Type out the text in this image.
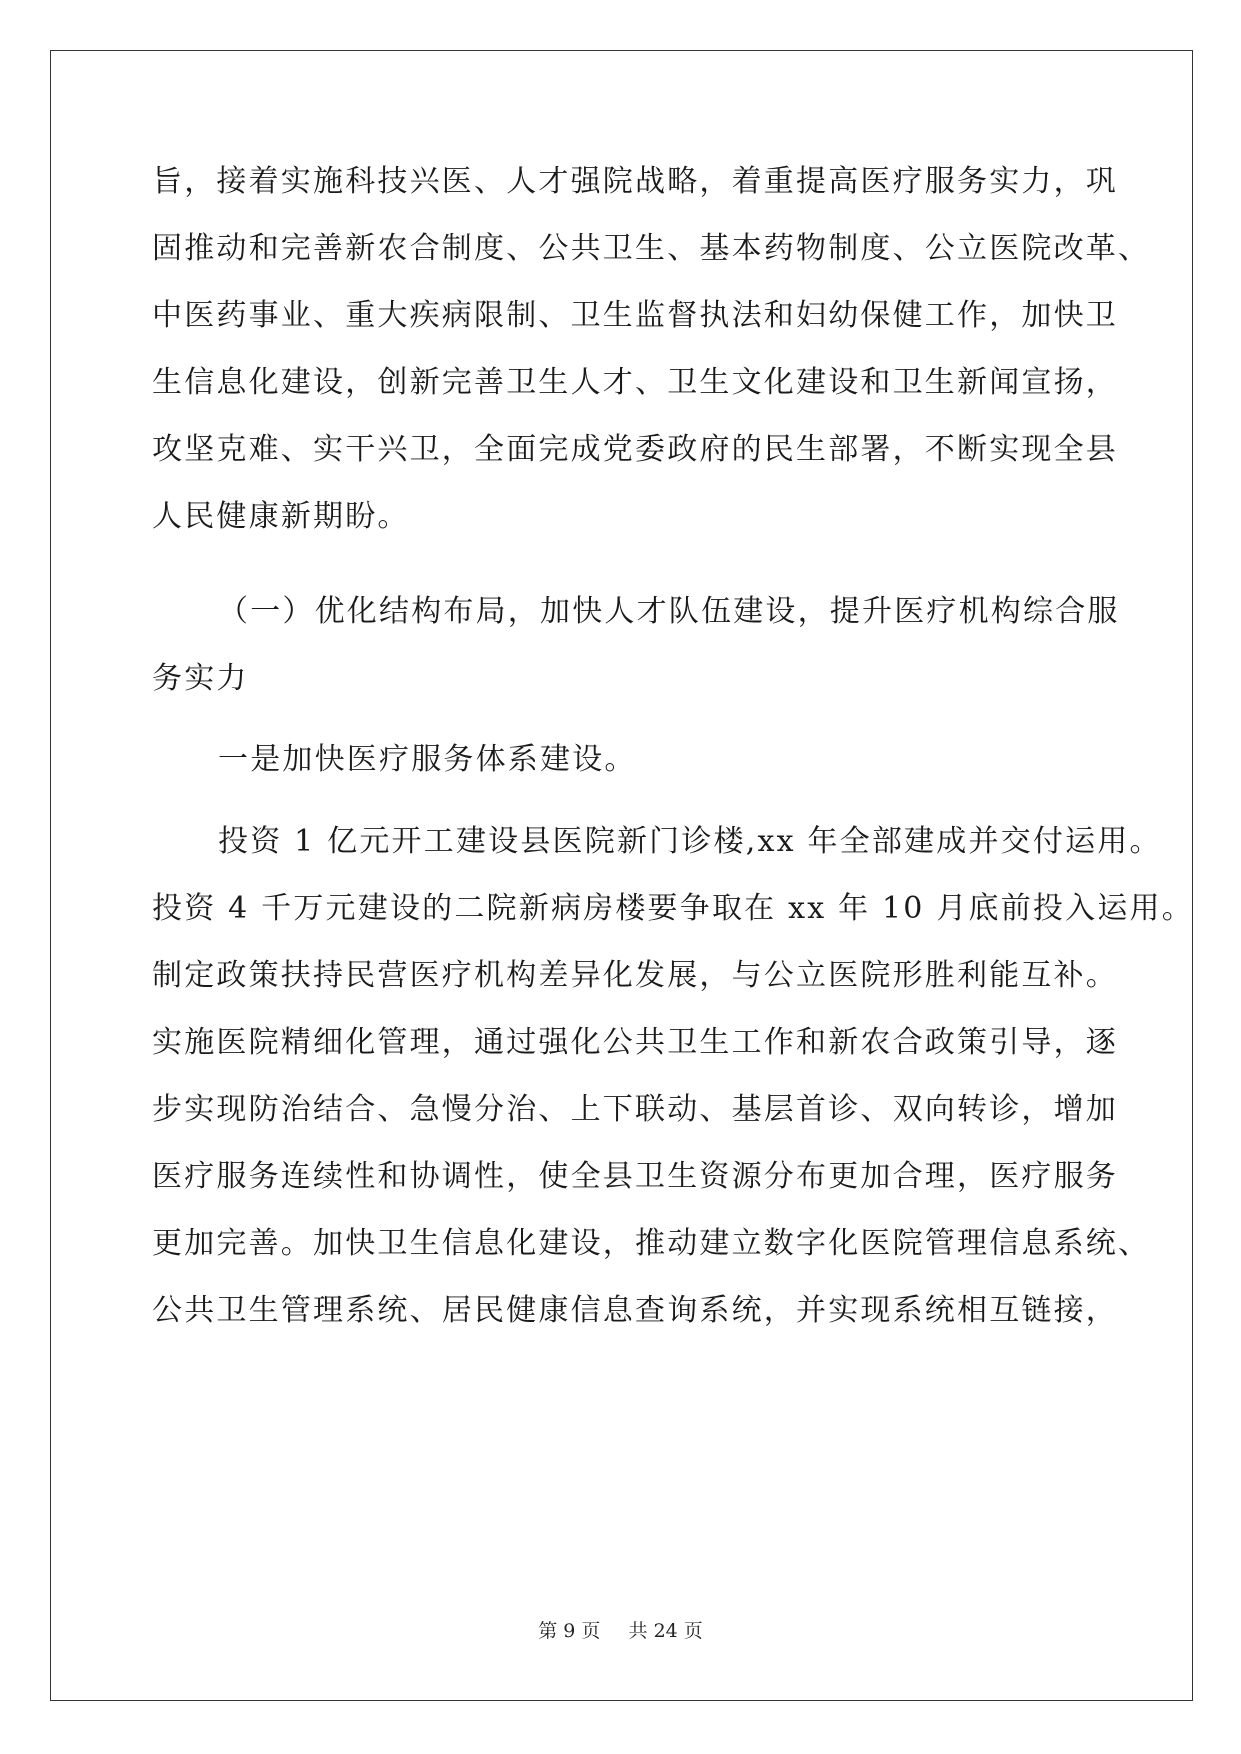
旨，接着实施科技兴医、人才强院战略，着重提高医疗服务实力，巩
固推动和完善新农合制度、公共卫生、基本药物制度、公立医院改革、
中医药事业、重大疾病限制、卫生监督执法和妇幼保健工作，加快卫
生信息化建设，创新完善卫生人才、卫生文化建设和卫生新闻宣扬，
攻坚克难、实干兴卫，全面完成党委政府的民生部署，不断实现全县
人民健康新期盼。
（一）优化结构布局，加快人才队伍建设，提升医疗机构综合服
务实力
一是加快医疗服务体系建设。
投资 1 亿元开工建设县医院新门诊楼,xx 年全部建成并交付运用。
投资 4 千万元建设的二院新病房楼要争取在 xx 年 10 月底前投入运用。
制定政策扶持民营医疗机构差异化发展，与公立医院形胜利能互补。
实施医院精细化管理，通过强化公共卫生工作和新农合政策引导，逐
步实现防治结合、急慢分治、上下联动、基层首诊、双向转诊，增加
医疗服务连续性和协调性，使全县卫生资源分布更加合理，医疗服务
更加完善。加快卫生信息化建设，推动建立数字化医院管理信息系统、
公共卫生管理系统、居民健康信息查询系统，并实现系统相互链接，
第 9 页 共 24 页
